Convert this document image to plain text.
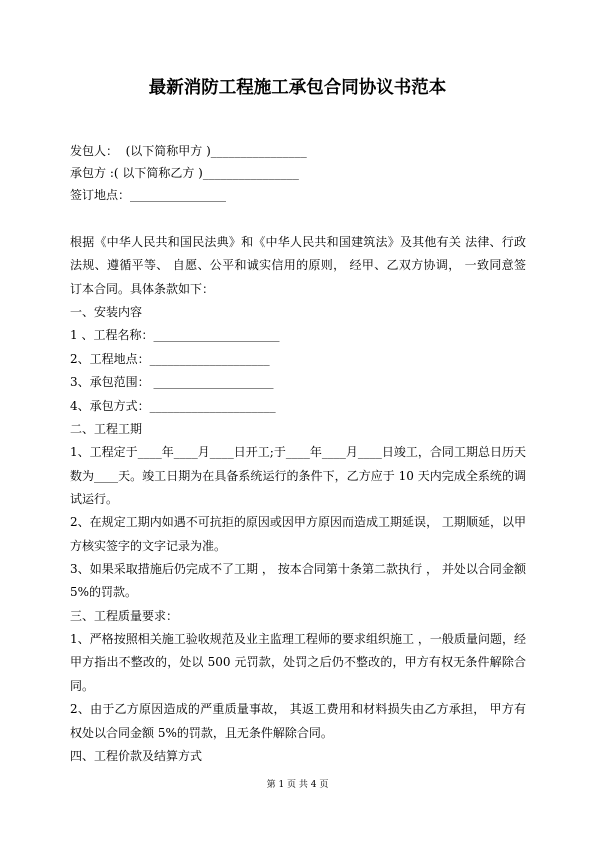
最新消防工程施工承包合同协议书范本
发包人：  (以下简称甲方 )________________
承包方 :( 以下简称乙方 )________________
签订地点：________________
根据《中华人民共和国民法典》和《中华人民共和国建筑法》及其他有关 法律、行政
法规、遵循平等、 自愿、公平和诚实信用的原则， 经甲、乙双方协调， 一致同意签
订本合同。具体条款如下：
一、安装内容
1 、工程名称：_____________________
2、工程地点：____________________
3、承包范围： ____________________
4、承包方式：_____________________
二、工程工期
1、工程定于____年____月____日开工;于____年____月____日竣工，合同工期总日历天
数为____天。竣工日期为在具备系统运行的条件下，乙方应于 10 天内完成全系统的调
试运行。
2、在规定工期内如遇不可抗拒的原因或因甲方原因而造成工期延误， 工期顺延，以甲
方核实签字的文字记录为准。
3、如果采取措施后仍完成不了工期 ， 按本合同第十条第二款执行 ， 并处以合同金额
5%的罚款。
三、工程质量要求：
1、严格按照相关施工验收规范及业主监理工程师的要求组织施工 ，一般质量问题，经
甲方指出不整改的，处以 500 元罚款，处罚之后仍不整改的，甲方有权无条件解除合
同。
2、由于乙方原因造成的严重质量事故， 其返工费用和材料损失由乙方承担， 甲方有
权处以合同金额 5%的罚款，且无条件解除合同。
四、工程价款及结算方式
第 1 页 共 4 页
